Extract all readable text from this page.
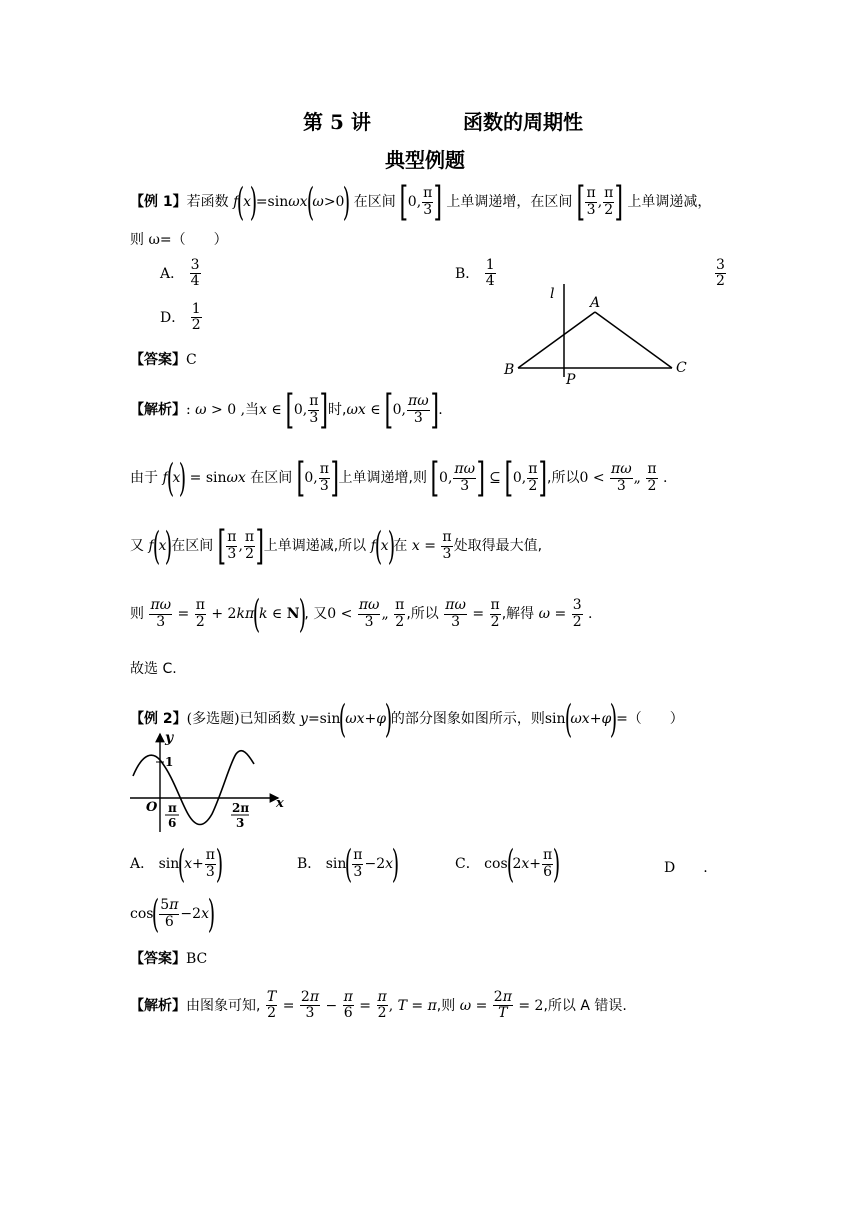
第 5 讲	函数的周期性
典型例题
【例 1】若函数 f(x)=sinωx(ω>0) 在区间 [0, $\frac{\pi}{3}$ ] 上单调递增，在区间 [ $\frac{\pi}{3}$ , $\frac{\pi}{2}$ ] 上单调递减，
则 ω=（　　）
A． $\frac{3}{4}$	B． $\frac{1}{4}$	$\frac{3}{2}$
D． $\frac{1}{2}$
l
A
B	C
P
【答案】C
【解析】: ω > 0 ,当x ∈ [0, $\frac{\pi}{3}$ ]时,ωx ∈ [0, $\frac{\pi\omega}{3}$ ].
由于 f(x) = sinωx 在区间 [0, $\frac{\pi}{3}$ ]上单调递增,则 [0, $\frac{\pi\omega}{3}$ ] ⊆ [0, $\frac{\pi}{2}$ ],所以$0 < \frac{\pi\omega}{3}$ „ $\frac{\pi}{2}$ .
又 f(x)在区间 [ $\frac{\pi}{3}$ , $\frac{\pi}{2}$ ]上单调递减,所以 f(x)在 $x = \frac{\pi}{3}$ 处取得最大值,
则 $\frac{\pi\omega}{3} = \frac{\pi}{2} + 2k\pi(k$ ∈ N), 又$0 < \frac{\pi\omega}{3}$ „ $\frac{\pi}{2}$ ,所以 $\frac{\pi\omega}{3} = \frac{\pi}{2}$ ,解得 $\omega = \frac{3}{2}$ .
故选 C.
【例 2】(多选题)已知函数 y=sin(ωx+φ)的部分图象如图所示，则sin(ωx+φ)=（　　）
y
x
O
1
π
6
2π
3
A． $\sin(x+ \frac{\pi}{3}$ )	B． $\sin( \frac{\pi}{3} -2x)$	C． $\cos(2x+ \frac{\pi}{6}$ )	D　　.
$\cos( \frac{5\pi}{6} -2x)$
【答案】BC
【解析】由图象可知, $\frac{T}{2} = \frac{2\pi}{3} - \frac{\pi}{6} = \frac{\pi}{2}$ , T = π,则 $\omega = \frac{2\pi}{T} = 2$,所以 A 错误.
